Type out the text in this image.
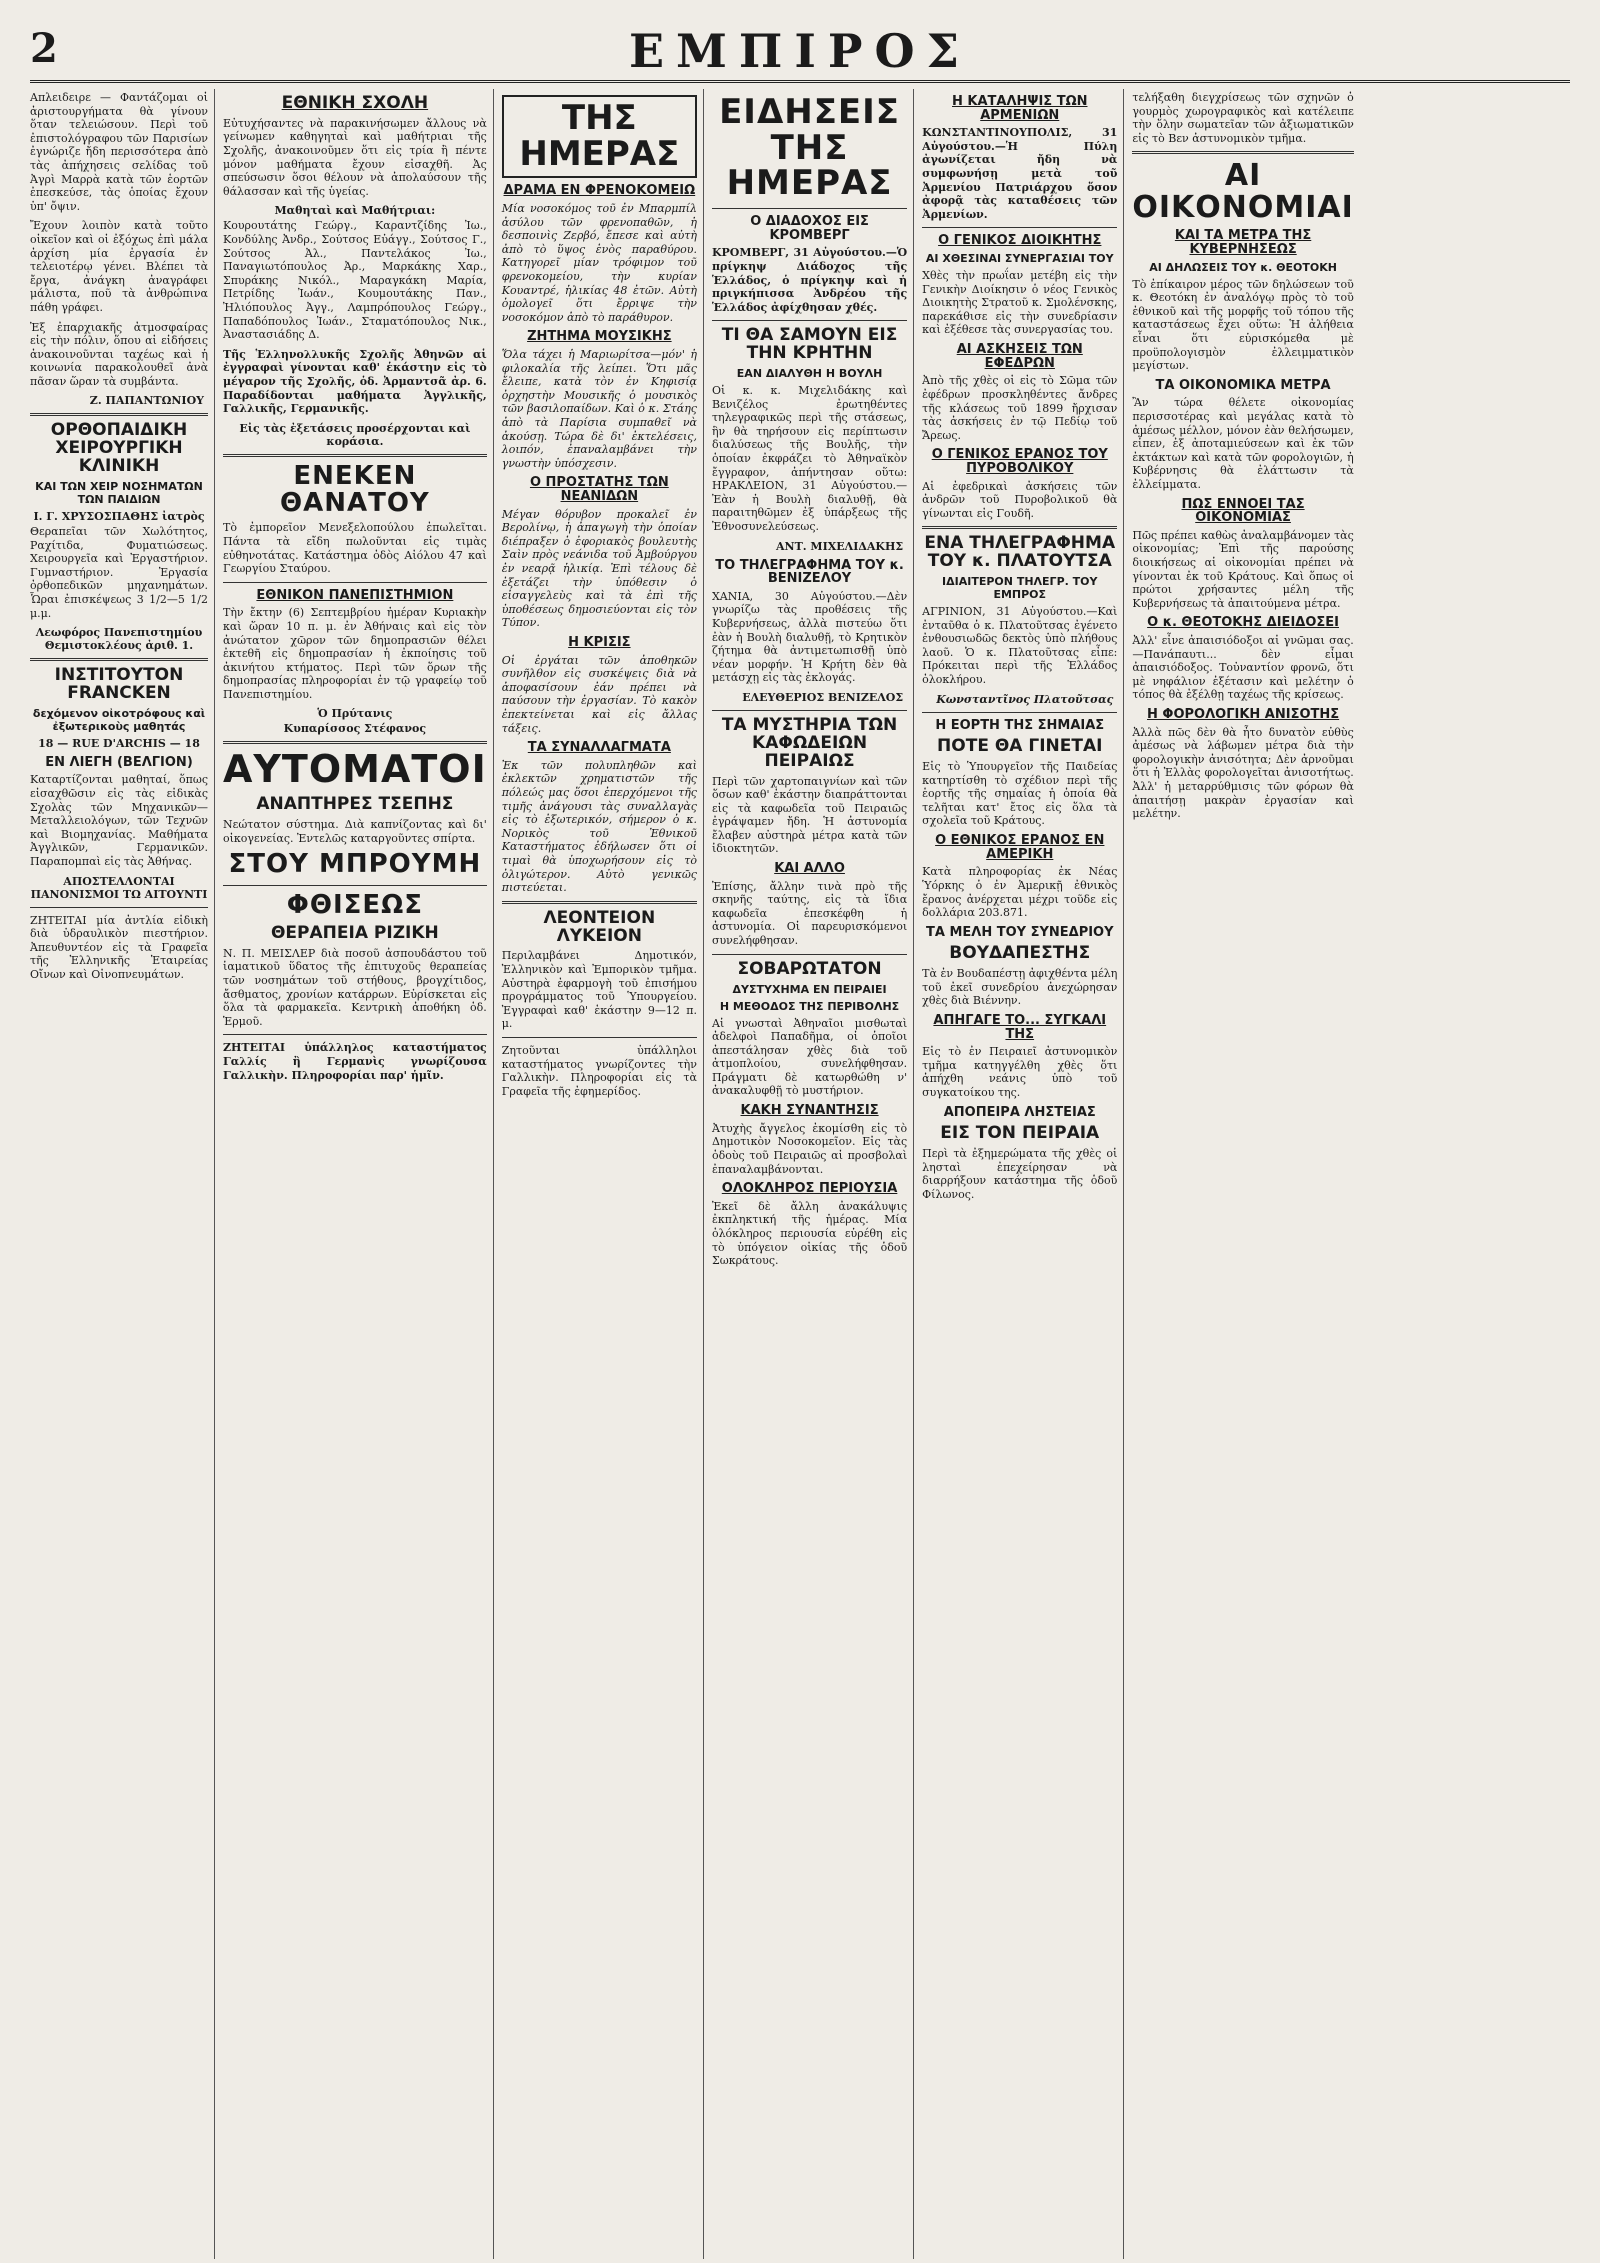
2	ΕΜΠΙΡΟΣ

Απλειδειρε — Φαντάζομαι οἱ ἀριστουργήματα θὰ γίνουν ὅταν τελειώσουν. Περὶ τοῦ ἐπιστολόγραφου τῶν Παρισίων ἐγνώριζε ἤδη περισσότερα ἀπὸ τὰς ἀπήχησεις σελίδας τοῦ Ἀγρὶ Μαρρὰ κατὰ τῶν ἑορτῶν ἐπεσκεύσε, τὰς ὁποίας ἔχουν ὑπ' ὄψιν.

Ἔχουν λοιπὸν κατὰ τοῦτο οἰκεῖον καὶ οἱ ἐξόχως ἐπὶ μάλα ἀρχίση μία ἐργασία ἐν τελειοτέρῳ γένει. Βλέπει τὰ ἔργα, ἀνάγκη ἀναγράφει μάλιστα, ποῦ τὰ ἀνθρώπινα πάθη γράφει.

Ἐξ ἐπαρχιακῆς ἀτμοσφαίρας εἰς τὴν πόλιν, ὅπου αἱ εἰδήσεις ἀνακοινοῦνται ταχέως καὶ ἡ κοινωνία παρακολουθεῖ ἀνὰ πᾶσαν ὥραν τὰ συμβάντα.

Ζ. ΠΑΠΑΝΤΩΝΙΟΥ
ΟΡΘΟΠΑΙΔΙΚΗ ΧΕΙΡΟΥΡΓΙΚΗ ΚΛΙΝΙΚΗ
ΚΑΙ ΤΩΝ ΧΕΙΡ ΝΟΣΗΜΑΤΩΝ ΤΩΝ ΠΑΙΔΙΩΝ
Ι. Γ. ΧΡΥΣΟΣΠΑΘΗΣ ἰατρὸς

Θεραπεῖαι τῶν Χωλότητος, Ραχίτιδα, Φυματιώσεως. Χειρουργεῖα καὶ Ἐργαστήριον. Γυμναστήριον. Ἐργασία ὀρθοπεδικῶν μηχανημάτων. Ὧραι ἐπισκέψεως 3 1/2—5 1/2 μ.μ.

Λεωφόρος Πανεπιστημίου Θεμιστοκλέους ἀριθ. 1.
ΙΝΣΤΙΤΟΥΤΟΝ FRANCKEN
δεχόμενον οἰκοτρόφους καὶ ἐξωτερικοὺς μαθητάς
18 — RUE D'ARCHIS — 18
ΕΝ ΛΙΕΓΗ (ΒΕΛΓΙΟΝ)

Καταρτίζονται μαθηταί, ὅπως εἰσαχθῶσιν εἰς τὰς εἰδικὰς Σχολὰς τῶν Μηχανικῶν—Μεταλλειολόγων, τῶν Τεχνῶν καὶ Βιομηχανίας. Μαθήματα Ἀγγλικῶν, Γερμανικῶν. Παραπομπαὶ εἰς τὰς Ἀθήνας.

ΑΠΟΣΤΕΛΛΟΝΤΑΙ ΠΑΝΟΝΙΣΜΟΙ ΤΩ ΑΙΤΟΥΝΤΙ

ΖΗΤΕΙΤΑΙ μία ἀντλία εἰδικὴ διὰ ὑδραυλικὸν πιεστήριον. Ἀπευθυντέον εἰς τὰ Γραφεῖα τῆς Ἑλληνικῆς Ἑταιρείας Οἴνων καὶ Οἰνοπνευμάτων.

ΕΘΝΙΚΗ ΣΧΟΛΗ

Εὐτυχήσαντες νὰ παρακινήσωμεν ἄλλους νὰ γείνωμεν καθηγηταὶ καὶ μαθήτριαι τῆς Σχολῆς, ἀνακοινοῦμεν ὅτι εἰς τρία ἢ πέντε μόνον μαθήματα ἔχουν εἰσαχθῆ. Ἀς σπεύσωσιν ὅσοι θέλουν νὰ ἀπολαύσουν τῆς θάλασσαν καὶ τῆς ὑγείας.

Μαθηταὶ καὶ Μαθήτριαι:

Κουρουτάτης Γεώργ., Καραντζίδης Ἰω., Κονδύλης Ἀνδρ., Σούτσος Εὐάγγ., Σούτσος Γ., Σούτσος Ἀλ., Παντελάκος Ἰω., Παναγιωτόπουλος Ἀρ., Μαρκάκης Χαρ., Σπυράκης Νικόλ., Μαραγκάκη Μαρία, Πετρίδης Ἰωάν., Κουμουτάκης Παν., Ἠλιόπουλος Ἀγγ., Λαμπρόπουλος Γεώργ., Παπαδόπουλος Ἰωάν., Σταματόπουλος Νικ., Ἀναστασιάδης Δ.

Τῆς Ἑλληνολλυκῆς Σχολῆς Ἀθηνῶν αἱ ἐγγραφαὶ γίνονται καθ' ἑκάστην εἰς τὸ μέγαρον τῆς Σχολῆς, ὁδ. Ἀρμαντσᾶ ἀρ. 6. Παραδίδονται μαθήματα Ἀγγλικῆς, Γαλλικῆς, Γερμανικῆς.

Εἰς τὰς ἐξετάσεις προσέρχονται καὶ κοράσια.
ΕΝΕΚΕΝ ΘΑΝΑΤΟΥ

Τὸ ἐμπορεῖον Μενεξελοπούλου ἐπωλεῖται. Πάντα τὰ εἴδη πωλοῦνται εἰς τιμὰς εὐθηνοτάτας. Κατάστημα ὁδὸς Αἰόλου 47 καὶ Γεωργίου Σταύρου.

ΕΘΝΙΚΟΝ ΠΑΝΕΠΙΣΤΗΜΙΟΝ

Τὴν ἔκτην (6) Σεπτεμβρίου ἡμέραν Κυριακὴν καὶ ὥραν 10 π. μ. ἐν Ἀθήναις καὶ εἰς τὸν ἀνώτατον χῶρον τῶν δημοπρασιῶν θέλει ἐκτεθῆ εἰς δημοπρασίαν ἡ ἐκποίησις τοῦ ἀκινήτου κτήματος. Περὶ τῶν ὅρων τῆς δημοπρασίας πληροφορίαι ἐν τῷ γραφείῳ τοῦ Πανεπιστημίου.

Ὁ Πρύτανις
Κυπαρίσσος Στέφανος
ΑΥΤΟΜΑΤΟΙ
ΑΝΑΠΤΗΡΕΣ ΤΣΕΠΗΣ

Νεώτατον σύστημα. Διὰ καπνίζοντας καὶ δι' οἰκογενείας. Ἐντελῶς καταργοῦντες σπίρτα.

ΣΤΟΥ ΜΠΡΟΥΜΗ
ΦΘΙΣΕΩΣ
ΘΕΡΑΠΕΙΑ ΡΙΖΙΚΗ

Ν. Π. ΜΕΙΣΛΕΡ διὰ ποσοῦ ἀσπουδάστου τοῦ ἱαματικοῦ ὕδατος τῆς ἐπιτυχοῦς θεραπείας τῶν νοσημάτων τοῦ στήθους, βρογχίτιδος, ἄσθματος, χρονίων κατάρρων. Εὑρίσκεται εἰς ὅλα τὰ φαρμακεῖα. Κεντρικὴ ἀποθήκη ὁδ. Ἑρμοῦ.

ΖΗΤΕΙΤΑΙ ὑπάλληλος καταστήματος Γαλλίς ἢ Γερμανὶς γνωρίζουσα Γαλλικὴν. Πληροφορίαι παρ' ἡμῖν.

ΤΗΣ ΗΜΕΡΑΣ
ΔΡΑΜΑ ΕΝ ΦΡΕΝΟΚΟΜΕΙΩ

Μία νοσοκόμος τοῦ ἐν Μπαρμπίλ ἀσύλου τῶν φρενοπαθῶν, ἡ δεσποινὶς Ζερβό, ἔπεσε καὶ αὐτὴ ἀπὸ τὸ ὕψος ἑνὸς παραθύρου. Κατηγορεῖ μίαν τρόφιμον τοῦ φρενοκομείου, τὴν κυρίαν Κουαντρέ, ἡλικίας 48 ἐτῶν. Αὐτὴ ὁμολογεῖ ὅτι ἔρριψε τὴν νοσοκόμον ἀπὸ τὸ παράθυρον.

ΖΗΤΗΜΑ ΜΟΥΣΙΚΗΣ

Ὅλα τάχει ἡ Μαριωρίτσα—μόν' ἡ φιλοκαλία τῆς λείπει. Ὅτι μᾶς ἔλειπε, κατὰ τὸν ἐν Κηφισίᾳ ὀρχηστὴν Μουσικῆς ὁ μουσικὸς τῶν βασιλοπαίδων. Καὶ ὁ κ. Στάης ἀπὸ τὰ Παρίσια συμπαθεῖ νὰ ἀκούσῃ. Τώρα δὲ δι' ἐκτελέσεις, λοιπόν, ἐπαναλαμβάνει τὴν γνωστὴν ὑπόσχεσιν.

Ο ΠΡΟΣΤΑΤΗΣ ΤΩΝ ΝΕΑΝΙΔΩΝ

Μέγαν θόρυβον προκαλεῖ ἐν Βερολίνῳ, ἡ ἀπαγωγὴ τὴν ὁποίαν διέπραξεν ὁ ἐφοριακὸς βουλευτὴς Σαὶν πρὸς νεάνιδα τοῦ Ἀμβούργου ἐν νεαρᾷ ἡλικίᾳ. Ἐπὶ τέλους δὲ ἐξετάζει τὴν ὑπόθεσιν ὁ εἰσαγγελεὺς καὶ τὰ ἐπὶ τῆς ὑποθέσεως δημοσιεύονται εἰς τὸν Τύπον.

Η ΚΡΙΣΙΣ

Οἱ ἐργάται τῶν ἀποθηκῶν συνῆλθον εἰς συσκέψεις διὰ νὰ ἀποφασίσουν ἐάν πρέπει νὰ παύσουν τὴν ἐργασίαν. Τὸ κακὸν ἐπεκτείνεται καὶ εἰς ἄλλας τάξεις.

ΤΑ ΣΥΝΑΛΛΑΓΜΑΤΑ

Ἐκ τῶν πολυπληθῶν καὶ ἐκλεκτῶν χρηματιστῶν τῆς πόλεώς μας ὅσοι ἐπερχόμενοι τῆς τιμῆς ἀνάγουσι τὰς συναλλαγὰς εἰς τὸ ἐξωτερικόν, σήμερον ὁ κ. Νορικὸς τοῦ Ἐθνικοῦ Καταστήματος ἐδήλωσεν ὅτι οἱ τιμαὶ θὰ ὑποχωρήσουν εἰς τὸ ὀλιγώτερον. Αὐτὸ γενικῶς πιστεύεται.

ΛΕΟΝΤΕΙΟΝ ΛΥΚΕΙΟΝ

Περιλαμβάνει Δημοτικόν, Ἑλληνικὸν καὶ Ἐμπορικὸν τμῆμα. Αὐστηρὰ ἐφαρμογὴ τοῦ ἐπισήμου προγράμματος τοῦ Ὑπουργείου. Ἐγγραφαὶ καθ' ἑκάστην 9—12 π. μ.

Ζητοῦνται ὑπάλληλοι καταστήματος γνωρίζοντες τὴν Γαλλικὴν. Πληροφορίαι εἰς τὰ Γραφεῖα τῆς ἐφημερίδος.

ΕΙΔΗΣΕΙΣ ΤΗΣ ΗΜΕΡΑΣ
Ο ΔΙΑΔΟΧΟΣ ΕΙΣ ΚΡΟΜΒΕΡΓ

ΚΡΟΜΒΕΡΓ, 31 Αὐγούστου.—Ὁ πρίγκηψ Διάδοχος τῆς Ἑλλάδος, ὁ πρίγκηψ καὶ ἡ πριγκήπισσα Ἀνδρέου τῆς Ἑλλάδος ἀφίχθησαν χθές.

ΤΙ ΘΑ ΣΑΜΟΥΝ ΕΙΣ ΤΗΝ ΚΡΗΤΗΝ
ΕΑΝ ΔΙΑΛΥΘΗ Η ΒΟΥΛΗ

Οἱ κ. κ. Μιχελιδάκης καὶ Βενιζέλος ἐρωτηθέντες τηλεγραφικῶς περὶ τῆς στάσεως, ἣν θὰ τηρήσουν εἰς περίπτωσιν διαλύσεως τῆς Βουλῆς, τὴν ὁποίαν ἐκφράζει τὸ Ἀθηναϊκὸν ἔγγραφον, ἀπήντησαν οὕτω: ΗΡΑΚΛΕΙΟΝ, 31 Αὐγούστου.—Ἐὰν ἡ Βουλὴ διαλυθῇ, θὰ παραιτηθῶμεν ἐξ ὑπάρξεως τῆς Ἐθνοσυνελεύσεως.

ΑΝΤ. ΜΙΧΕΛΙΔΑΚΗΣ
ΤΟ ΤΗΛΕΓΡΑΦΗΜΑ ΤΟΥ κ. ΒΕΝΙΖΕΛΟΥ

ΧΑΝΙΑ, 30 Αὐγούστου.—Δὲν γνωρίζω τὰς προθέσεις τῆς Κυβερνήσεως, ἀλλὰ πιστεύω ὅτι ἐὰν ἡ Βουλὴ διαλυθῇ, τὸ Κρητικὸν ζήτημα θὰ ἀντιμετωπισθῇ ὑπὸ νέαν μορφήν. Ἡ Κρήτη δὲν θὰ μετάσχῃ εἰς τὰς ἐκλογάς.

ΕΛΕΥΘΕΡΙΟΣ ΒΕΝΙΖΕΛΟΣ
ΤΑ ΜΥΣΤΗΡΙΑ ΤΩΝ ΚΑΦΩΔΕΙΩΝ ΠΕΙΡΑΙΩΣ

Περὶ τῶν χαρτοπαιγνίων καὶ τῶν ὅσων καθ' ἑκάστην διαπράττονται εἰς τὰ καφωδεῖα τοῦ Πειραιῶς ἐγράψαμεν ἤδη. Ἡ ἀστυνομία ἔλαβεν αὐστηρὰ μέτρα κατὰ τῶν ἰδιοκτητῶν.

ΚΑΙ ΑΛΛΟ

Ἐπίσης, ἄλλην τινὰ πρὸ τῆς σκηνῆς ταύτης, εἰς τὰ ἴδια καφωδεῖα ἐπεσκέφθη ἡ ἀστυνομία. Οἱ παρευρισκόμενοι συνελήφθησαν.

ΣΟΒΑΡΩΤΑΤΟΝ
ΔΥΣΤΥΧΗΜΑ ΕΝ ΠΕΙΡΑΙΕΙ
Η ΜΕΘΟΔΟΣ ΤΗΣ ΠΕΡΙΒΟΛΗΣ

Αἱ γνωσταὶ Ἀθηναῖοι μισθωταὶ ἀδελφοὶ Παπαδῆμα, οἱ ὁποῖοι ἀπεστάλησαν χθὲς διὰ τοῦ ἀτμοπλοίου, συνελήφθησαν. Πράγματι δὲ κατωρθώθη ν' ἀνακαλυφθῇ τὸ μυστήριον.

ΚΑΚΗ ΣΥΝΑΝΤΗΣΙΣ

Ἀτυχὴς ἄγγελος ἐκομίσθη εἰς τὸ Δημοτικὸν Νοσοκομεῖον. Εἰς τὰς ὁδοὺς τοῦ Πειραιῶς αἱ προσβολαὶ ἐπαναλαμβάνονται.

ΟΛΟΚΛΗΡΟΣ ΠΕΡΙΟΥΣΙΑ

Ἐκεῖ δὲ ἄλλη ἀνακάλυψις ἐκπληκτική τῆς ἡμέρας. Μία ὁλόκληρος περιουσία εὑρέθη εἰς τὸ ὑπόγειον οἰκίας τῆς ὁδοῦ Σωκράτους.

Η ΚΑΤΑΛΗΨΙΣ ΤΩΝ ΑΡΜΕΝΙΩΝ

ΚΩΝΣΤΑΝΤΙΝΟΥΠΟΛΙΣ, 31 Αὐγούστου.—Ἡ Πύλη ἀγωνίζεται ἤδη νὰ συμφωνήσῃ μετὰ τοῦ Ἀρμενίου Πατριάρχου ὅσον ἀφορᾷ τὰς καταθέσεις τῶν Ἀρμενίων.

Ο ΓΕΝΙΚΟΣ ΔΙΟΙΚΗΤΗΣ
ΑΙ ΧΘΕΣΙΝΑΙ ΣΥΝΕΡΓΑΣΙΑΙ ΤΟΥ

Χθὲς τὴν πρωΐαν μετέβη εἰς τὴν Γενικὴν Διοίκησιν ὁ νέος Γενικὸς Διοικητὴς Στρατοῦ κ. Σμολένσκης, παρεκάθισε εἰς τὴν συνεδρίασιν καὶ ἐξέθεσε τὰς συνεργασίας του.

ΑΙ ΑΣΚΗΣΕΙΣ ΤΩΝ ΕΦΕΔΡΩΝ

Ἀπὸ τῆς χθὲς οἱ εἰς τὸ Σῶμα τῶν ἐφέδρων προσκληθέντες ἄνδρες τῆς κλάσεως τοῦ 1899 ἤρχισαν τὰς ἀσκήσεις ἐν τῷ Πεδίῳ τοῦ Ἄρεως.

Ο ΓΕΝΙΚΟΣ ΕΡΑΝΟΣ ΤΟΥ ΠΥΡΟΒΟΛΙΚΟΥ

Αἱ ἐφεδρικαὶ ἀσκήσεις τῶν ἀνδρῶν τοῦ Πυροβολικοῦ θὰ γίνωνται εἰς Γουδῆ.

ΕΝΑ ΤΗΛΕΓΡΑΦΗΜΑ ΤΟΥ κ. ΠΛΑΤΟΥΤΣΑ
ΙΔΙΑΙΤΕΡΟΝ ΤΗΛΕΓΡ. ΤΟΥ ΕΜΠΡΟΣ

ΑΓΡΙΝΙΟΝ, 31 Αὐγούστου.—Καὶ ἐνταῦθα ὁ κ. Πλατοῦτσας ἐγένετο ἐνθουσιωδῶς δεκτὸς ὑπὸ πλήθους λαοῦ. Ὁ κ. Πλατοῦτσας εἶπε: Πρόκειται περὶ τῆς Ἑλλάδος ὁλοκλήρου.

Κωνσταντῖνος Πλατοῦτσας
Η ΕΟΡΤΗ ΤΗΣ ΣΗΜΑΙΑΣ
ΠΟΤΕ ΘΑ ΓΙΝΕΤΑΙ

Εἰς τὸ Ὑπουργεῖον τῆς Παιδείας κατηρτίσθη τὸ σχέδιον περὶ τῆς ἑορτῆς τῆς σημαίας ἡ ὁποία θὰ τελῆται κατ' ἔτος εἰς ὅλα τὰ σχολεῖα τοῦ Κράτους.

Ο ΕΘΝΙΚΟΣ ΕΡΑΝΟΣ ΕΝ ΑΜΕΡΙΚΗ

Κατὰ πληροφορίας ἐκ Νέας Ὑόρκης ὁ ἐν Ἀμερικῇ ἐθνικὸς ἔρανος ἀνέρχεται μέχρι τοῦδε εἰς δολλάρια 203.871.

ΤΑ ΜΕΛΗ ΤΟΥ ΣΥΝΕΔΡΙΟΥ
ΒΟΥΔΑΠΕΣΤΗΣ

Τὰ ἐν Βουδαπέστῃ ἀφιχθέντα μέλη τοῦ ἐκεῖ συνεδρίου ἀνεχώρησαν χθὲς διὰ Βιέννην.

ΑΠΗΓΑΓΕ ΤΟ... ΣΥΓΚΑΛΙ ΤΗΣ

Εἰς τὸ ἐν Πειραιεῖ ἀστυνομικὸν τμῆμα κατηγγέλθη χθὲς ὅτι ἀπήχθη νεάνις ὑπὸ τοῦ συγκατοίκου της.

ΑΠΟΠΕΙΡΑ ΛΗΣΤΕΙΑΣ
ΕΙΣ ΤΟΝ ΠΕΙΡΑΙΑ

Περὶ τὰ ἐξημερώματα τῆς χθὲς οἱ λησταὶ ἐπεχείρησαν νὰ διαρρήξουν κατάστημα τῆς ὁδοῦ Φίλωνος.

τελήξαθη διεγχρίσεως τῶν σχηνῶν ὁ γουρμὸς χωρογραφικὸς καὶ κατέλειπε τὴν ὅλην σωματεῖαν τῶν ἀξιωματικῶν εἰς τὸ Βεν ἀστυνομικὸν τμῆμα.

ΑΙ ΟΙΚΟΝΟΜΙΑΙ
ΚΑΙ ΤΑ ΜΕΤΡΑ ΤΗΣ ΚΥΒΕΡΝΗΣΕΩΣ
ΑΙ ΔΗΛΩΣΕΙΣ ΤΟΥ κ. ΘΕΟΤΟΚΗ

Τὸ ἐπίκαιρον μέρος τῶν δηλώσεων τοῦ κ. Θεοτόκη ἐν ἀναλόγῳ πρὸς τὸ τοῦ ἐθνικοῦ καὶ τῆς μορφῆς τοῦ τόπου τῆς καταστάσεως ἔχει οὕτω: Ἡ ἀλήθεια εἶναι ὅτι εὑρισκόμεθα μὲ προϋπολογισμὸν ἐλλειμματικὸν μεγίστων.

ΤΑ ΟΙΚΟΝΟΜΙΚΑ ΜΕΤΡΑ

Ἂν τώρα θέλετε οἰκονομίας περισσοτέρας καὶ μεγάλας κατὰ τὸ ἀμέσως μέλλον, μόνον ἐὰν θελήσωμεν, εἶπεν, ἐξ ἀποταμιεύσεων καὶ ἐκ τῶν ἐκτάκτων καὶ κατὰ τῶν φορολογιῶν, ἡ Κυβέρνησις θὰ ἐλάττωσιν τὰ ἐλλείμματα.

ΠΩΣ ΕΝΝΟΕΙ ΤΑΣ ΟΙΚΟΝΟΜΙΑΣ

Πῶς πρέπει καθὼς ἀναλαμβάνομεν τὰς οἰκονομίας; Ἐπὶ τῆς παρούσης διοικήσεως αἱ οἰκονομίαι πρέπει νὰ γίνονται ἐκ τοῦ Κράτους. Καὶ ὅπως οἱ πρώτοι χρήσαντες μέλη τῆς Κυβερνήσεως τὰ ἀπαιτούμενα μέτρα.

Ο κ. ΘΕΟΤΟΚΗΣ ΔΙΕΙΔΟΣΕΙ

Ἀλλ' εἶνε ἀπαισιόδοξοι αἱ γνῶμαι σας. —Πανάπαυτι... δὲν εἶμαι ἀπαισιόδοξος. Τοὐναντίον φρονῶ, ὅτι μὲ νηφάλιον ἐξέτασιν καὶ μελέτην ὁ τόπος θὰ ἐξέλθῃ ταχέως τῆς κρίσεως.

Η ΦΟΡΟΛΟΓΙΚΗ ΑΝΙΣΟΤΗΣ

Ἀλλὰ πῶς δὲν θὰ ἦτο δυνατὸν εὐθὺς ἀμέσως νὰ λάβωμεν μέτρα διὰ τὴν φορολογικὴν ἀνισότητα; Δὲν ἀρνοῦμαι ὅτι ἡ Ἑλλὰς φορολογεῖται ἀνισοτήτως. Ἀλλ' ἡ μεταρρύθμισις τῶν φόρων θὰ ἀπαιτήσῃ μακρὰν ἐργασίαν καὶ μελέτην.
